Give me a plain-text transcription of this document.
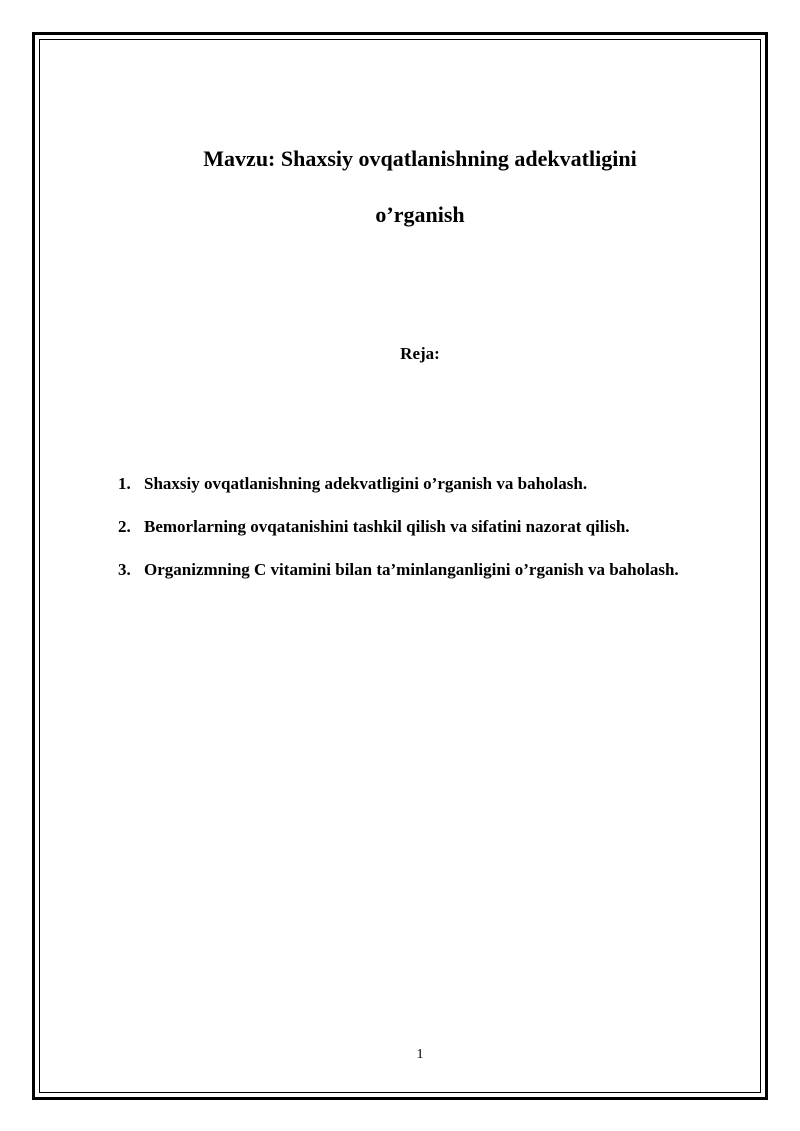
Mavzu: Shaxsiy ovqatlanishning adekvatligini
o’rganish
Reja:
1. Shaxsiy ovqatlanishning adekvatligini o’rganish va baholash.
2. Bemorlarning ovqatanishini tashkil qilish va sifatini nazorat qilish.
3. Organizmning C vitamini bilan ta’minlanganligini o’rganish va baholash.
1
